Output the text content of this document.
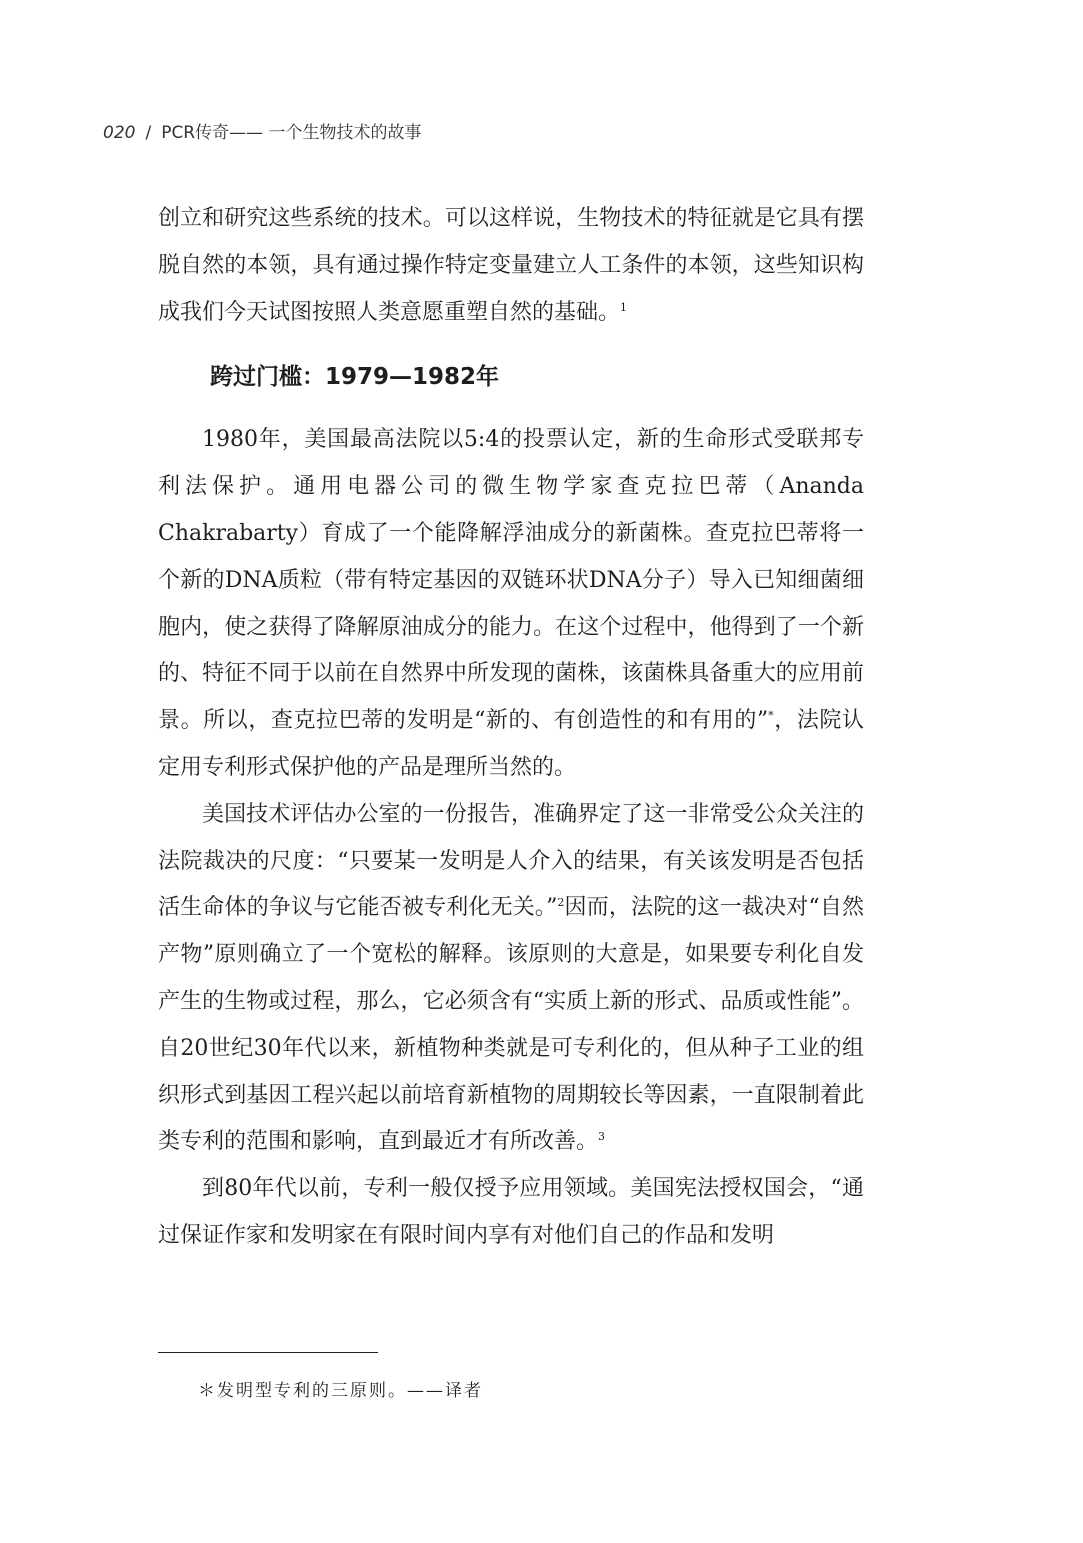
020 / PCR传奇—— 一个生物技术的故事

创立和研究这些系统的技术。可以这样说，生物技术的特征就是它具有摆脱自然的本领，具有通过操作特定变量建立人工条件的本领，这些知识构成我们今天试图按照人类意愿重塑自然的基础。$^1$

跨过门槛：1979—1982年

1980年，美国最高法院以5:4的投票认定，新的生命形式受联邦专利法保护。通用电器公司的微生物学家查克拉巴蒂（Ananda Chakrabarty）育成了一个能降解浮油成分的新菌株。查克拉巴蒂将一个新的DNA质粒（带有特定基因的双链环状DNA分子）导入已知细菌细胞内，使之获得了降解原油成分的能力。在这个过程中，他得到了一个新的、特征不同于以前在自然界中所发现的菌株，该菌株具备重大的应用前景。所以，查克拉巴蒂的发明是“新的、有创造性的和有用的”*，法院认定用专利形式保护他的产品是理所当然的。

美国技术评估办公室的一份报告，准确界定了这一非常受公众关注的法院裁决的尺度：“只要某一发明是人介入的结果，有关该发明是否包括活生命体的争议与它能否被专利化无关。”$^2$因而，法院的这一裁决对“自然产物”原则确立了一个宽松的解释。该原则的大意是，如果要专利化自发产生的生物或过程，那么，它必须含有“实质上新的形式、品质或性能”。自20世纪30年代以来，新植物种类就是可专利化的，但从种子工业的组织形式到基因工程兴起以前培育新植物的周期较长等因素，一直限制着此类专利的范围和影响，直到最近才有所改善。$^3$

到80年代以前，专利一般仅授予应用领域。美国宪法授权国会，“通过保证作家和发明家在有限时间内享有对他们自己的作品和发明

＊发明型专利的三原则。——译者
